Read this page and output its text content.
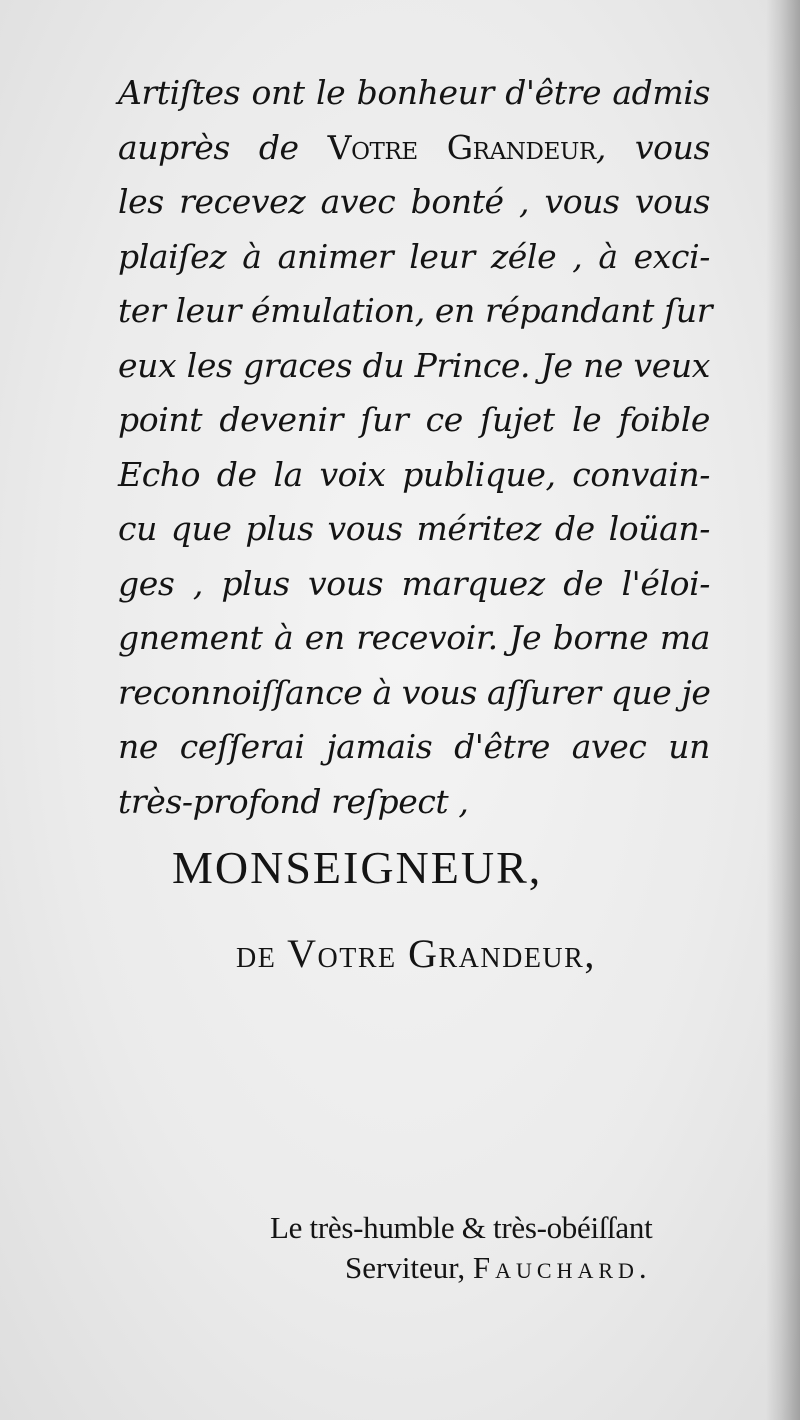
Artiſtes ont le bonheur d'être admis
auprès de Votre Grandeur, vous
les recevez avec bonté , vous vous
plaiſez à animer leur zéle , à exci-
ter leur émulation, en répandant ſur
eux les graces du Prince. Je ne veux
point devenir ſur ce ſujet le foible
Echo de la voix publique, convain-
cu que plus vous méritez de loüan-
ges , plus vous marquez de l'éloi-
gnement à en recevoir. Je borne ma
reconnoiſſance à vous aſſurer que je
ne ceſſerai jamais d'être avec un
très-profond reſpect ,
MONSEIGNEUR,
de Votre Grandeur,
Le très-humble & très-obéiſſant
Serviteur, Fauchard.
